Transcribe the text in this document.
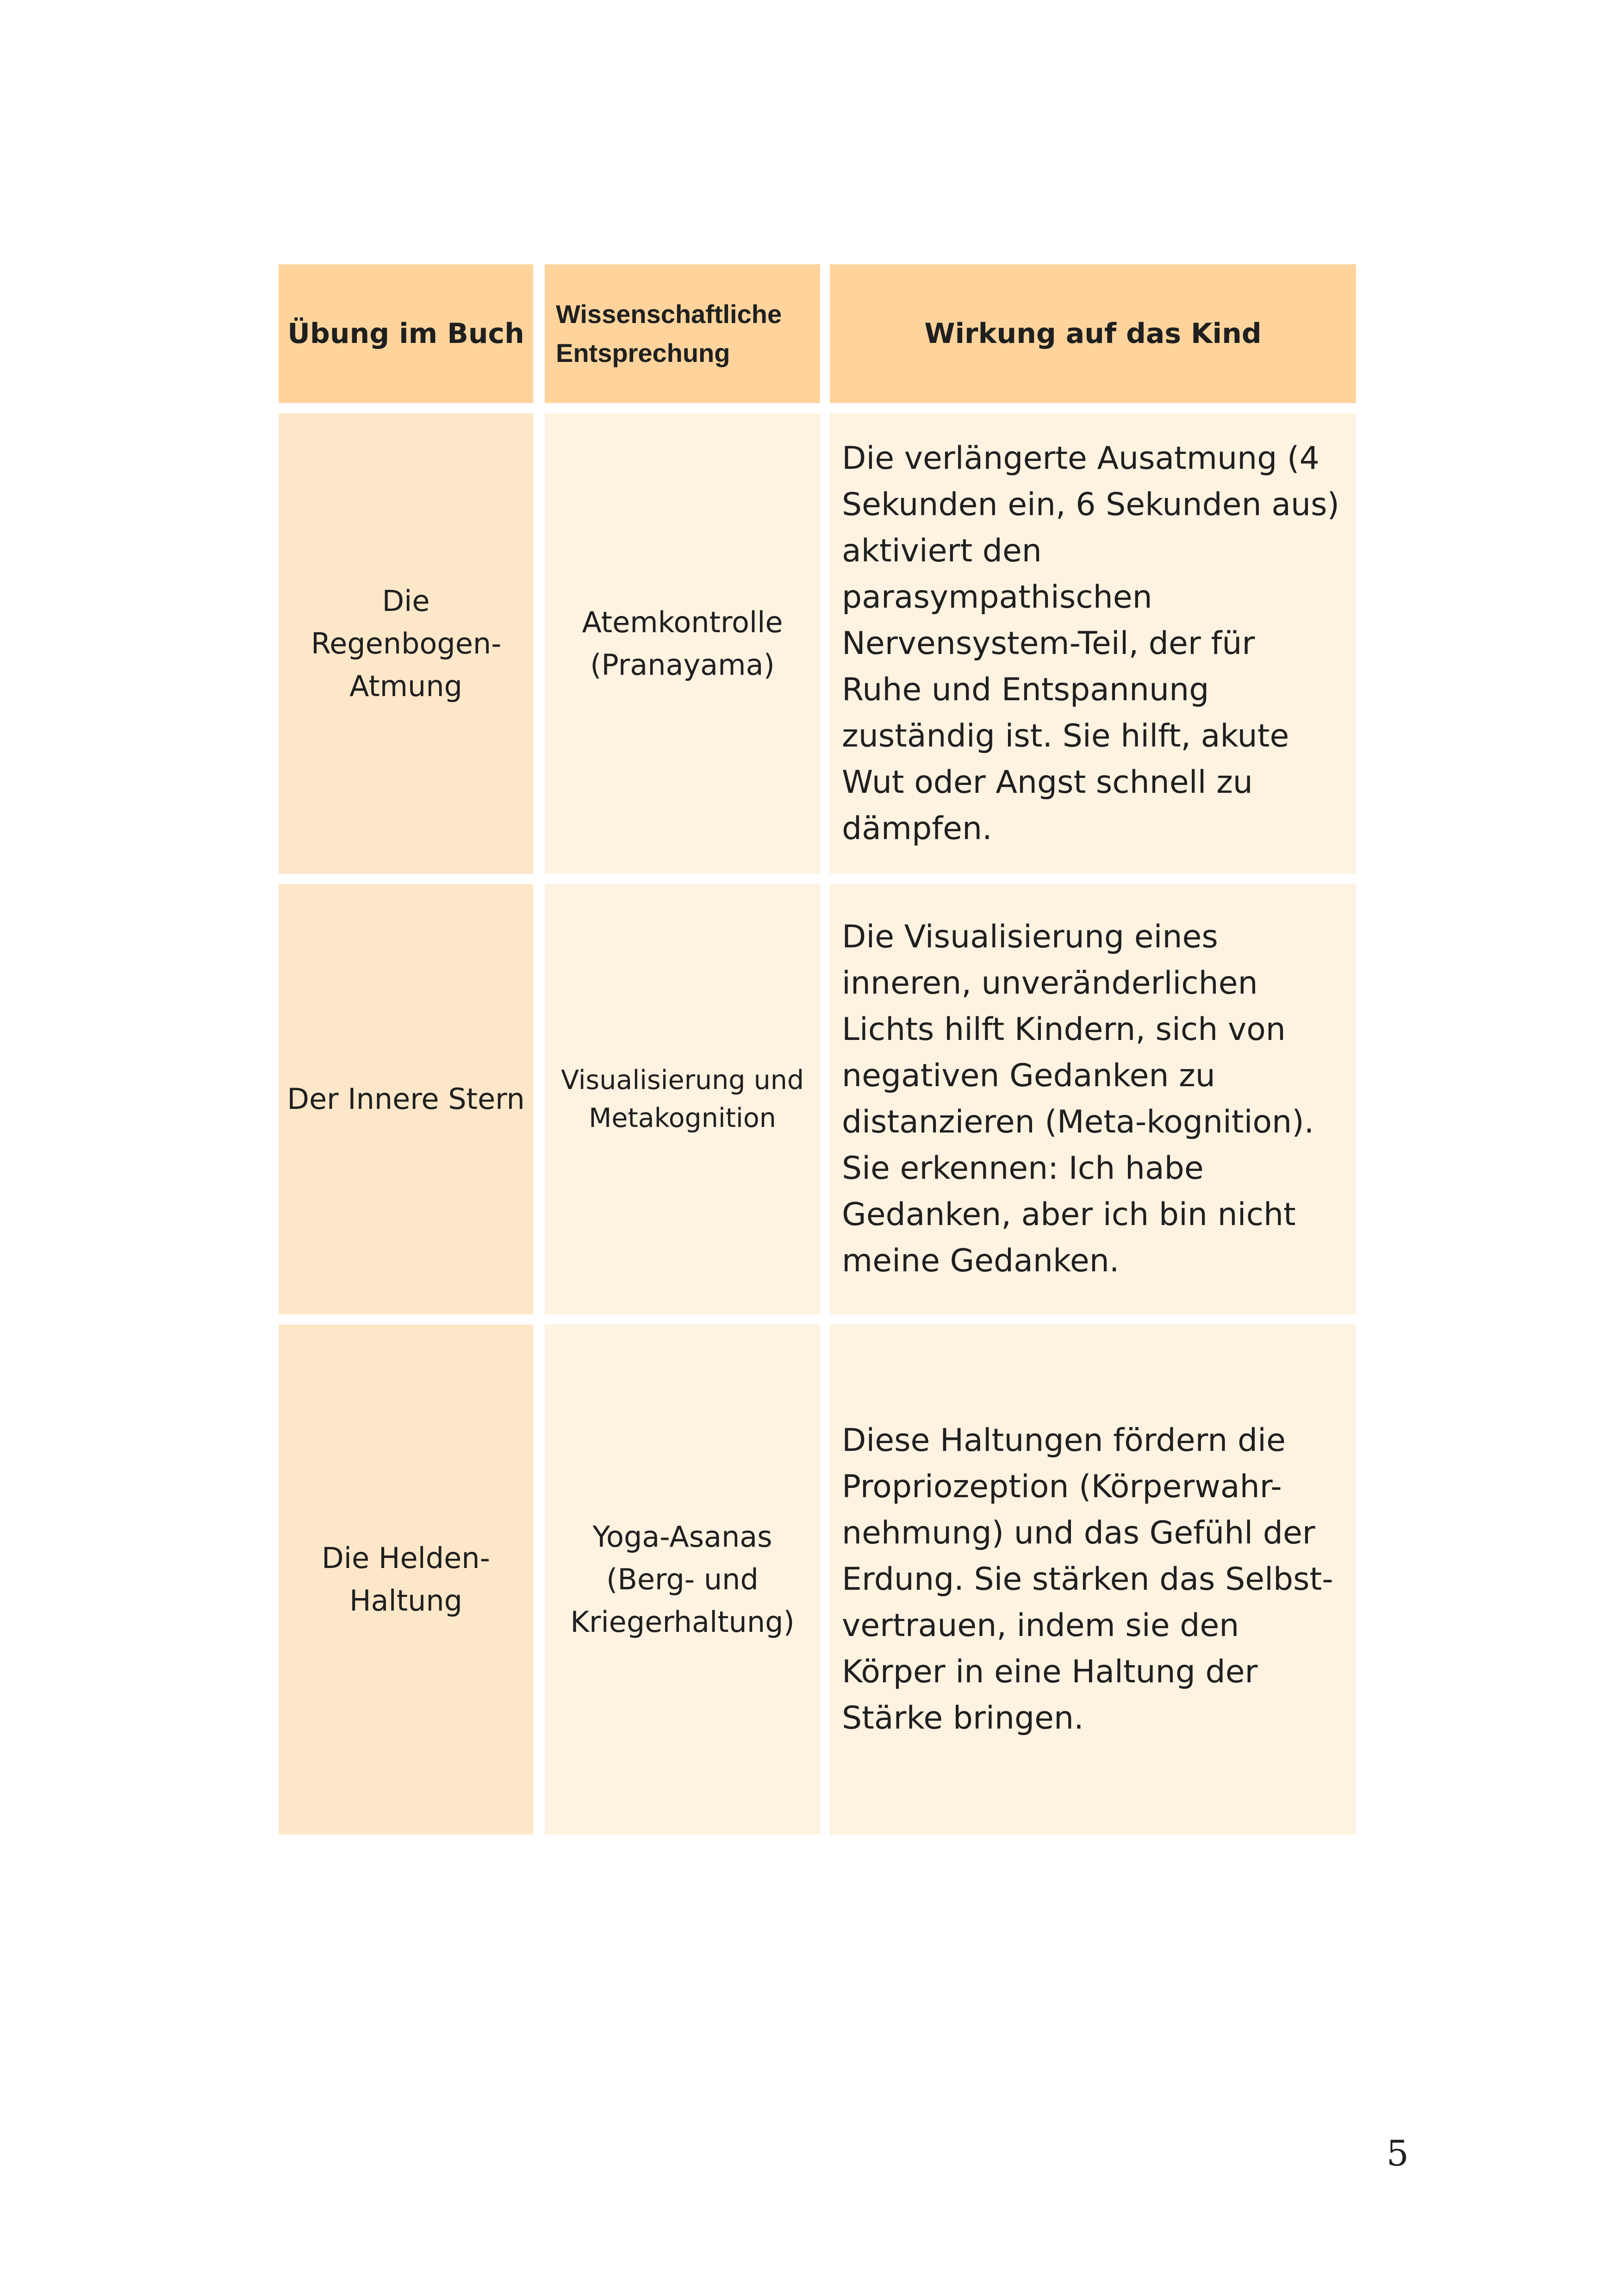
Übung im Buch
Wissenschaftliche Entsprechung
Wirkung auf das Kind
Die Regenbogen-Atmung
Atemkontrolle (Pranayama)
Die verlängerte Ausatmung (4 Sekunden ein, 6 Sekunden aus) aktiviert den parasympathischen Nervensystem-Teil, der für Ruhe und Entspannung zuständig ist. Sie hilft, akute Wut oder Angst schnell zu dämpfen.
Der Innere Stern
Visualisierung und Metakognition
Die Visualisierung eines inneren, unveränderlichen Lichts hilft Kindern, sich von negativen Gedanken zu distanzieren (Meta-kognition). Sie erkennen: Ich habe Gedanken, aber ich bin nicht meine Gedanken.
Die Helden-Haltung
Yoga-Asanas (Berg- und Kriegerhaltung)
Diese Haltungen fördern die Propriozeption (Körperwahr-nehmung) und das Gefühl der Erdung. Sie stärken das Selbst-vertrauen, indem sie den Körper in eine Haltung der Stärke bringen.
5
